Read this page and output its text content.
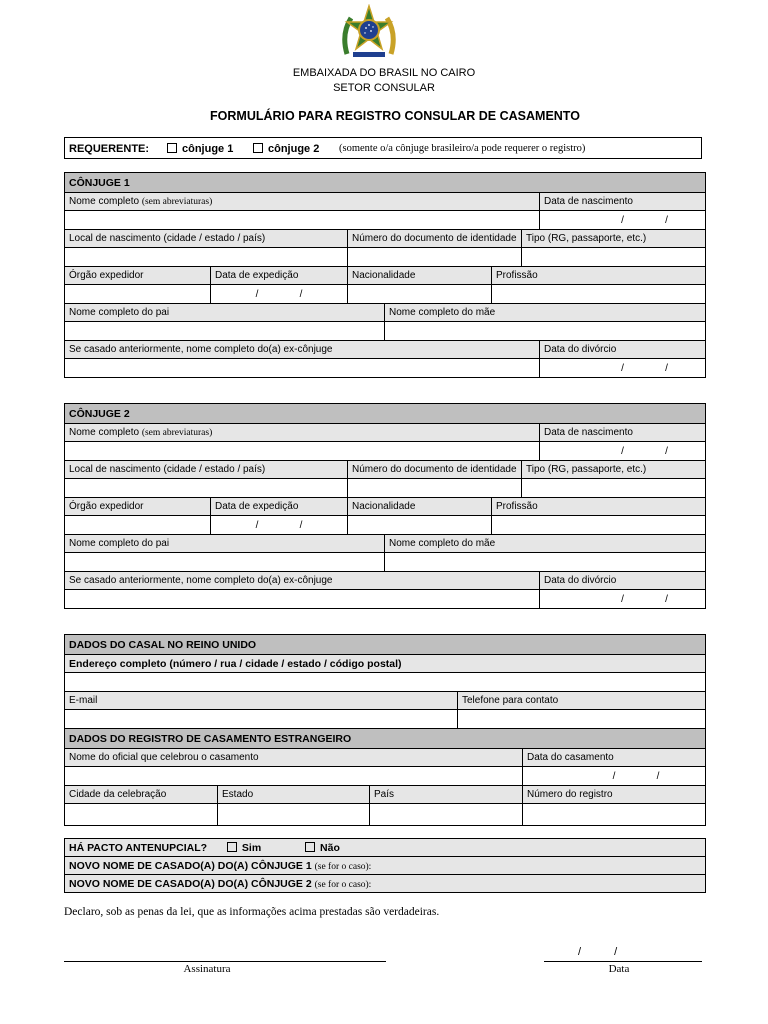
EMBAIXADA DO BRASIL NO CAIRO
SETOR CONSULAR
FORMULÁRIO PARA REGISTRO CONSULAR DE CASAMENTO
REQUERENTE:	cônjuge 1	cônjuge 2 (somente o/a cônjuge brasileiro/a pode requerer o registro)
CÔNJUGE 1						
Nome completo (sem abreviaturas)						Data de nascimento

						/ /

Local de nascimento (cidade / estado / país)		Número do documento de identidade			Tipo (RG, passaporte, etc.)	

Órgão expedidor	Data de expedição	Nacionalidade		Profissão		

	/ /					

Nome completo do pai			Nome completo do mãe			

Se casado anteriormente, nome completo do(a) ex-cônjuge						Data do divórcio

						/ /
CÔNJUGE 2						
Nome completo (sem abreviaturas)						Data de nascimento

						/ /

Local de nascimento (cidade / estado / país)		Número do documento de identidade			Tipo (RG, passaporte, etc.)	

Órgão expedidor	Data de expedição	Nacionalidade		Profissão		

	/ /					

Nome completo do pai			Nome completo do mãe			

Se casado anteriormente, nome completo do(a) ex-cônjuge						Data do divórcio

						/ /
DADOS DO CASAL NO REINO UNIDO				
Endereço completo (número / rua / cidade / estado / código postal)				

E-mail			Telefone para contato	

DADOS DO REGISTRO DE CASAMENTO ESTRANGEIRO				
Nome do oficial que celebrou o casamento				Data do casamento

				/ /

Cidade da celebração	Estado	País		Número do registro

HÁ PACTO ANTENUPCIAL?	Sim	Não
NOVO NOME DE CASADO(A) DO(A) CÔNJUGE 1 (se for o caso):
NOVO NOME DE CASADO(A) DO(A) CÔNJUGE 2 (se for o caso):
Declaro, sob as penas da lei, que as informações acima prestadas são verdadeiras.
Assinatura
/	/
Data
